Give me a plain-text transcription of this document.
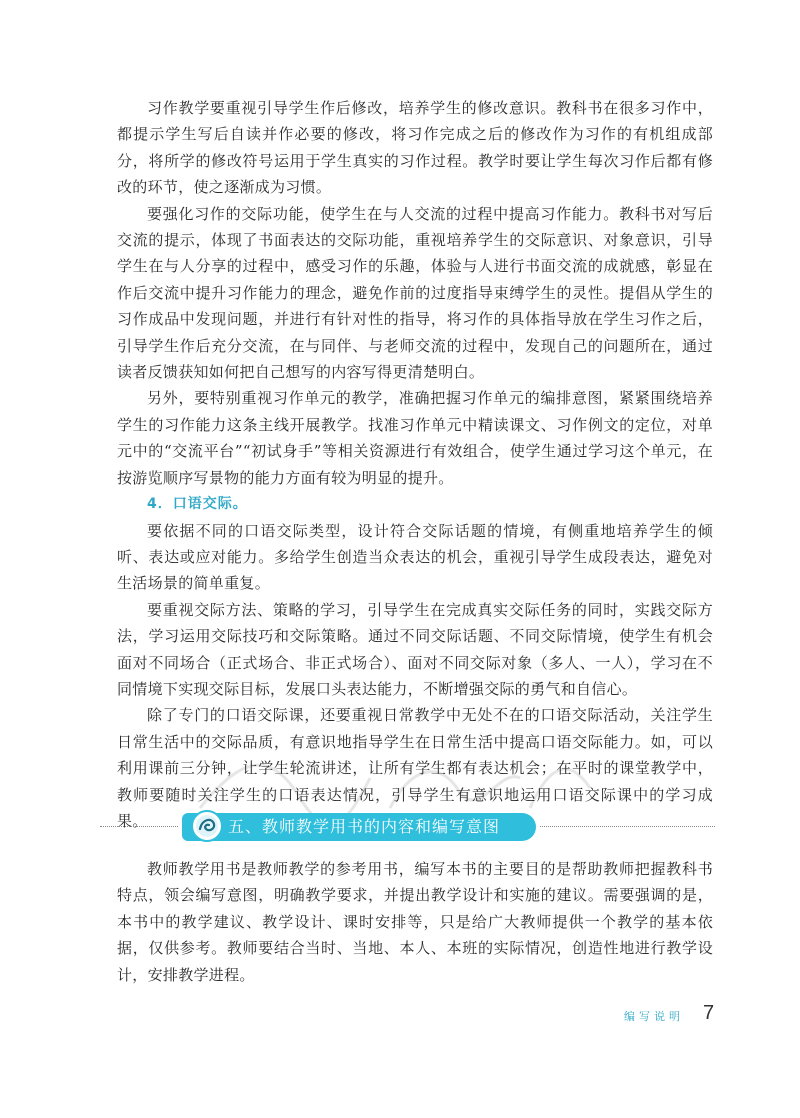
习作教学要重视引导学生作后修改，培养学生的修改意识。教科书在很多习作中，都提示学生写后自读并作必要的修改，将习作完成之后的修改作为习作的有机组成部分，将所学的修改符号运用于学生真实的习作过程。教学时要让学生每次习作后都有修改的环节，使之逐渐成为习惯。

要强化习作的交际功能，使学生在与人交流的过程中提高习作能力。教科书对写后交流的提示，体现了书面表达的交际功能，重视培养学生的交际意识、对象意识，引导学生在与人分享的过程中，感受习作的乐趣，体验与人进行书面交流的成就感，彰显在作后交流中提升习作能力的理念，避免作前的过度指导束缚学生的灵性。提倡从学生的习作成品中发现问题，并进行有针对性的指导，将习作的具体指导放在学生习作之后，引导学生作后充分交流，在与同伴、与老师交流的过程中，发现自己的问题所在，通过读者反馈获知如何把自己想写的内容写得更清楚明白。

另外，要特别重视习作单元的教学，准确把握习作单元的编排意图，紧紧围绕培养学生的习作能力这条主线开展教学。找准习作单元中精读课文、习作例文的定位，对单元中的“交流平台”“初试身手”等相关资源进行有效组合，使学生通过学习这个单元，在按游览顺序写景物的能力方面有较为明显的提升。

4．口语交际。

要依据不同的口语交际类型，设计符合交际话题的情境，有侧重地培养学生的倾听、表达或应对能力。多给学生创造当众表达的机会，重视引导学生成段表达，避免对生活场景的简单重复。

要重视交际方法、策略的学习，引导学生在完成真实交际任务的同时，实践交际方法，学习运用交际技巧和交际策略。通过不同交际话题、不同交际情境，使学生有机会面对不同场合（正式场合、非正式场合）、面对不同交际对象（多人、一人），学习在不同情境下实现交际目标，发展口头表达能力，不断增强交际的勇气和自信心。

除了专门的口语交际课，还要重视日常教学中无处不在的口语交际活动，关注学生日常生活中的交际品质，有意识地指导学生在日常生活中提高口语交际能力。如，可以利用课前三分钟，让学生轮流讲述，让所有学生都有表达机会；在平时的课堂教学中，教师要随时关注学生的口语表达情况，引导学生有意识地运用口语交际课中的学习成果。	五、教师教学用书的内容和编写意图

教师教学用书是教师教学的参考用书，编写本书的主要目的是帮助教师把握教科书特点，领会编写意图，明确教学要求，并提出教学设计和实施的建议。需要强调的是，本书中的教学建议、教学设计、课时安排等，只是给广大教师提供一个教学的基本依据，仅供参考。教师要结合当时、当地、本人、本班的实际情况，创造性地进行教学设计，安排教学进程。

编写说明 7
